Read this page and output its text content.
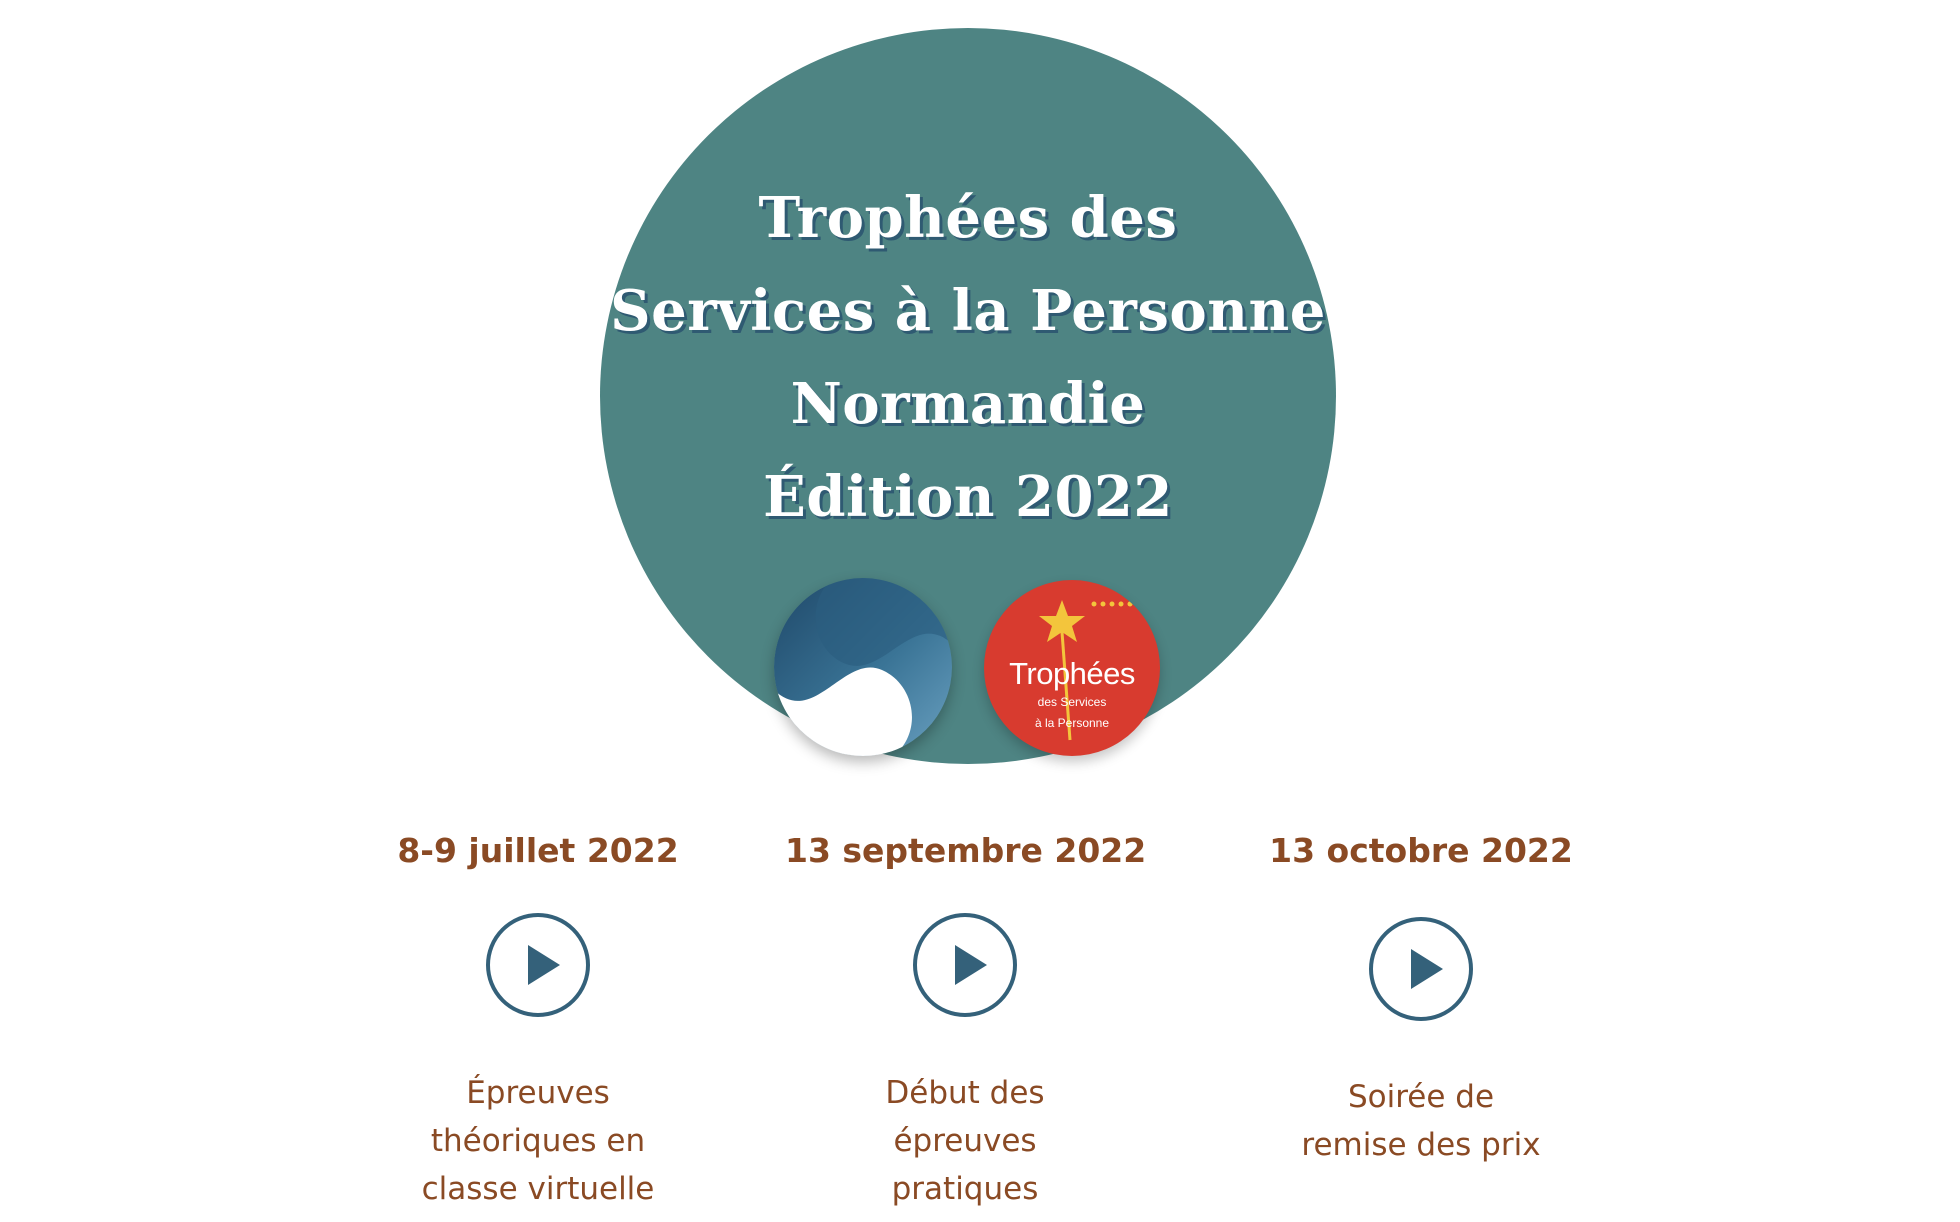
Trophées des
Services à la Personne
Normandie
Édition 2022
Trophées
des Services
à la Personne
8-9 juillet 2022
Épreuves
théoriques en
classe virtuelle
13 septembre 2022
Début des
épreuves
pratiques
13 octobre 2022
Soirée de
remise des prix
